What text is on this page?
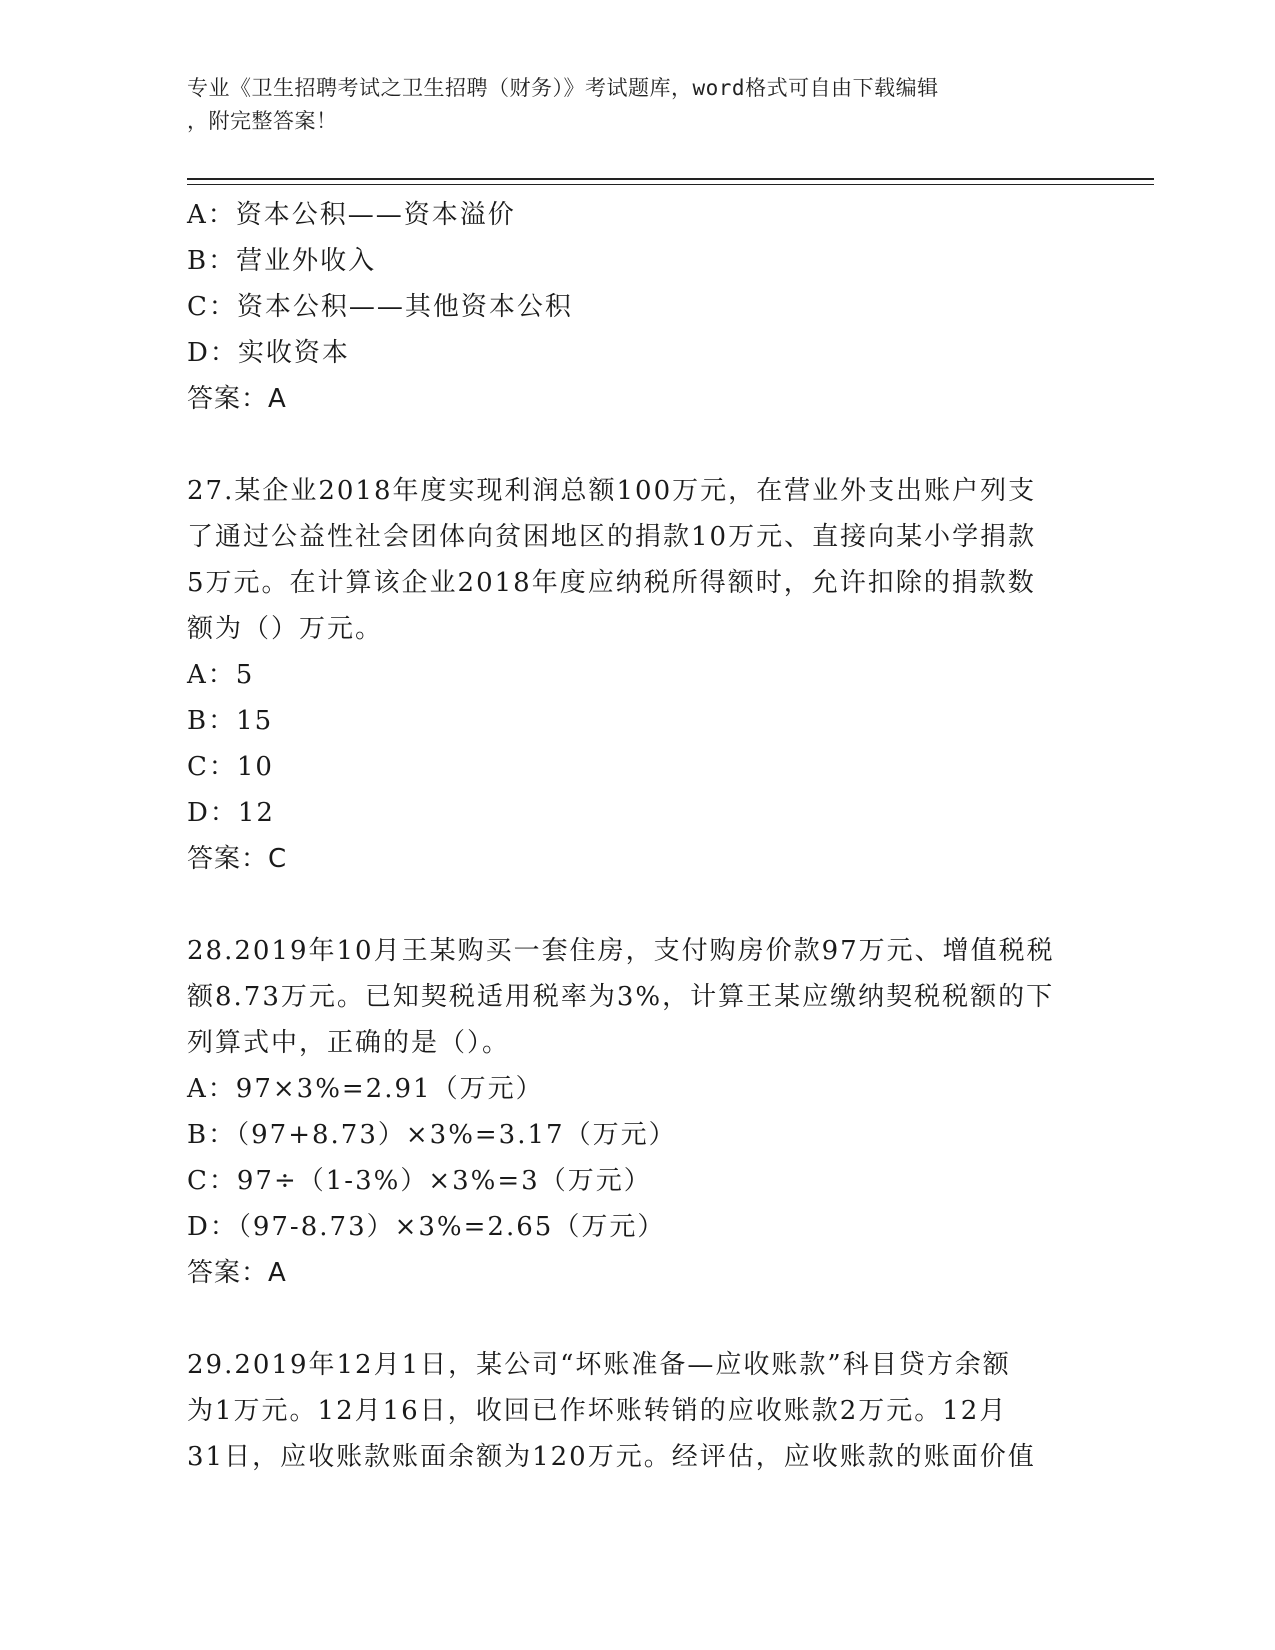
专业《卫生招聘考试之卫生招聘（财务）》考试题库，word格式可自由下载编辑
，附完整答案！
A：资本公积——资本溢价
B：营业外收入
C：资本公积——其他资本公积
D：实收资本
答案：A
27.某企业2018年度实现利润总额100万元，在营业外支出账户列支
了通过公益性社会团体向贫困地区的捐款10万元、直接向某小学捐款
5万元。在计算该企业2018年度应纳税所得额时，允许扣除的捐款数
额为（）万元。
A：5
B：15
C：10
D：12
答案：C
28.2019年10月王某购买一套住房，支付购房价款97万元、增值税税
额8.73万元。已知契税适用税率为3%，计算王某应缴纳契税税额的下
列算式中，正确的是（）。
A：97×3%=2.91（万元）
B：（97+8.73）×3%=3.17（万元）
C：97÷（1-3%）×3%=3（万元）
D：（97-8.73）×3%=2.65（万元）
答案：A
29.2019年12月1日，某公司“坏账准备—应收账款”科目贷方余额
为1万元。12月16日，收回已作坏账转销的应收账款2万元。12月
31日，应收账款账面余额为120万元。经评估，应收账款的账面价值
